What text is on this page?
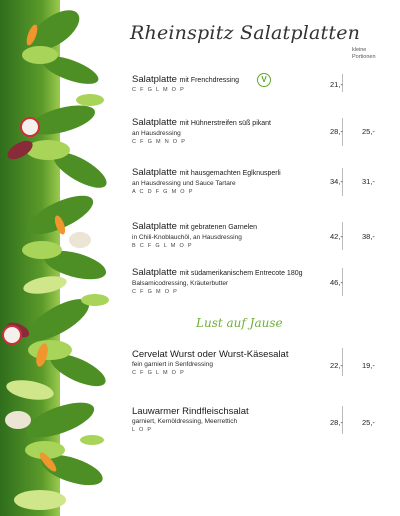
Rheinspitz Salatplatten
kleine
Portionen
Salatplatte mit Frenchdressing
C F G L M O P
V
21,-
Salatplatte mit Hühnerstreifen süß pikant
an Hausdressing
C F G M N O P
28,-	25,-
Salatplatte mit hausgemachten Eglknusperli
an Hausdressing und Sauce Tartare
A C D F G M O P
34,-	31,-
Salatplatte mit gebratenen Garnelen
in Chili-Knoblauchöl, an Hausdressing
B C F G L M O P
42,-	38,-
Salatplatte mit südamerikanischem Entrecote 180g
Balsamicodressing, Kräuterbutter
C F G M O P
46,-
Lust auf Jause
Cervelat Wurst oder Wurst-Käsesalat
fein garniert in Senfdressing
C F G L M O P
22,-	19,-
Lauwarmer Rindfleischsalat
garniert, Kernöldressing, Meerrettich
L O P
28,-	25,-
